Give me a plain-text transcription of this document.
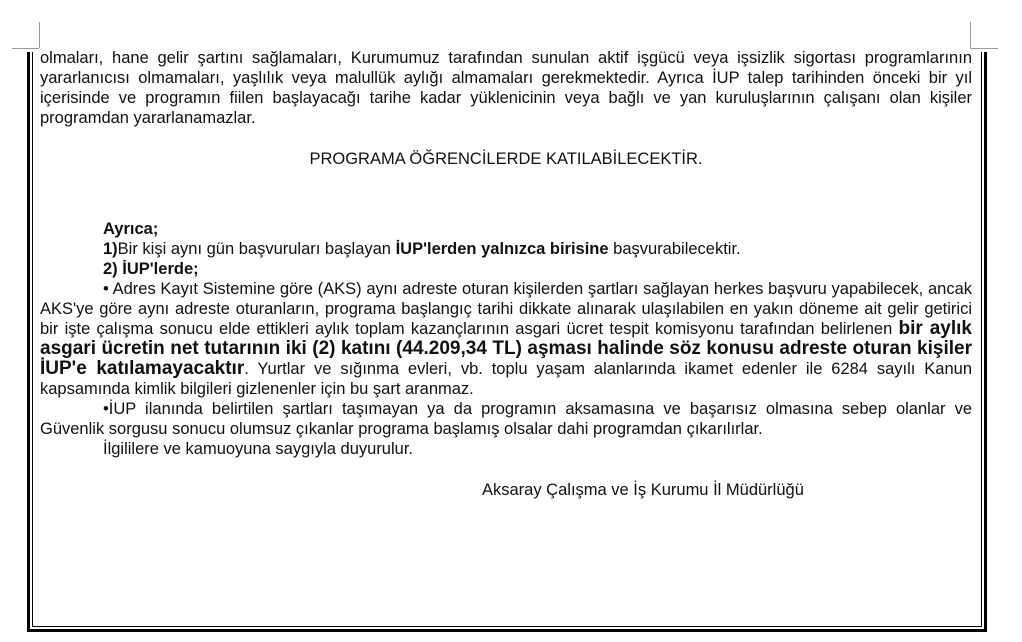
olmaları, hane gelir şartını sağlamaları, Kurumumuz tarafından sunulan aktif işgücü veya işsizlik sigortası programlarının yararlanıcısı olmamaları, yaşlılık veya malullük aylığı almamaları gerekmektedir. Ayrıca İUP talep tarihinden önceki bir yıl içerisinde ve programın fiilen başlayacağı tarihe kadar yüklenicinin veya bağlı ve yan kuruluşlarının çalışanı olan kişiler programdan yararlanamazlar.

PROGRAMA ÖĞRENCİLERDE KATILABİLECEKTİR.

Ayrıca;

1)Bir kişi aynı gün başvuruları başlayan İUP'lerden yalnızca birisine başvurabilecektir.

2) İUP'lerde;

• Adres Kayıt Sistemine göre (AKS) aynı adreste oturan kişilerden şartları sağlayan herkes başvuru yapabilecek, ancak AKS'ye göre aynı adreste oturanların, programa başlangıç tarihi dikkate alınarak ulaşılabilen en yakın döneme ait gelir getirici bir işte çalışma sonucu elde ettikleri aylık toplam kazançlarının asgari ücret tespit komisyonu tarafından belirlenen bir aylık asgari ücretin net tutarının iki (2) katını (44.209,34 TL) aşması halinde söz konusu adreste oturan kişiler İUP'e katılamayacaktır. Yurtlar ve sığınma evleri, vb. toplu yaşam alanlarında ikamet edenler ile 6284 sayılı Kanun kapsamında kimlik bilgileri gizlenenler için bu şart aranmaz.

•İUP ilanında belirtilen şartları taşımayan ya da programın aksamasına ve başarısız olmasına sebep olanlar ve Güvenlik sorgusu sonucu olumsuz çıkanlar programa başlamış olsalar dahi programdan çıkarılırlar.

İlgililere ve kamuoyuna saygıyla duyurulur.

Aksaray Çalışma ve İş Kurumu İl Müdürlüğü
